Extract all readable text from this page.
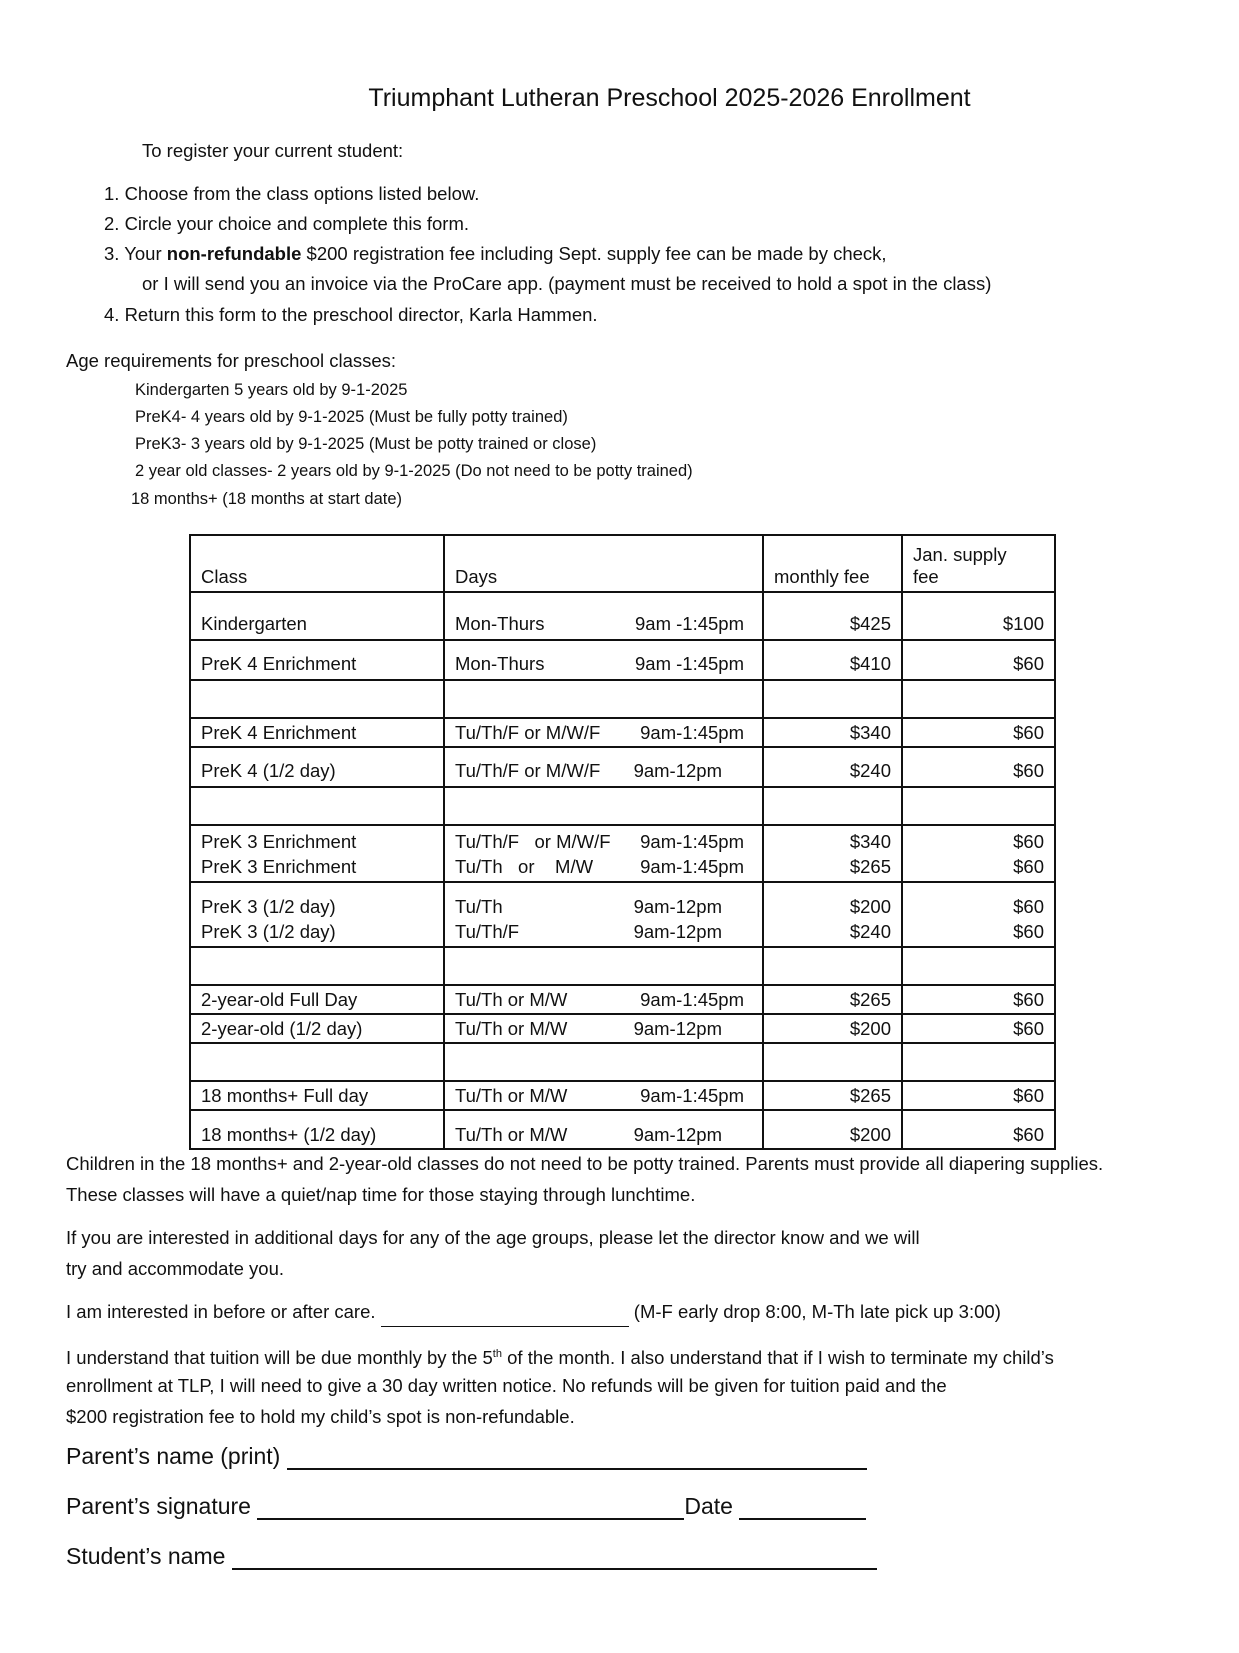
Triumphant Lutheran Preschool 2025-2026 Enrollment
To register your current student:
1. Choose from the class options listed below.
2. Circle your choice and complete this form.
3. Your non-refundable $200 registration fee including Sept. supply fee can be made by check,
or I will send you an invoice via the ProCare app. (payment must be received to hold a spot in the class)
4. Return this form to the preschool director, Karla Hammen.
Age requirements for preschool classes:
Kindergarten 5 years old by 9-1-2025
PreK4- 4 years old by 9-1-2025 (Must be fully potty trained)
PreK3- 3 years old by 9-1-2025 (Must be potty trained or close)
2 year old classes- 2 years old by 9-1-2025 (Do not need to be potty trained)
18 months+ (18 months at start date)
Class	Days	monthly fee	Jan. supply
fee

Kindergarten	Mon-Thurs 9am -1:45pm	$425	$100
PreK 4 Enrichment	Mon-Thurs 9am -1:45pm	$410	$60

PreK 4 Enrichment	Tu/Th/F or M/W/F 9am-1:45pm	$340	$60
PreK 4 (1/2 day)	Tu/Th/F or M/W/F 9am-12pm	$240	$60

PreK 3 Enrichment	Tu/Th/F   or M/W/F 9am-1:45pm	$340	$60
PreK 3 Enrichment	Tu/Th   or    M/W 9am-1:45pm	$265	$60
PreK 3 (1/2 day)	Tu/Th 9am-12pm	$200	$60
PreK 3 (1/2 day)	Tu/Th/F 9am-12pm	$240	$60

2-year-old Full Day	Tu/Th or M/W 9am-1:45pm	$265	$60
2-year-old (1/2 day)	Tu/Th or M/W 9am-12pm	$200	$60

18 months+ Full day	Tu/Th or M/W 9am-1:45pm	$265	$60
18 months+ (1/2 day)	Tu/Th or M/W 9am-12pm	$200	$60
Children in the 18 months+ and 2-year-old classes do not need to be potty trained. Parents must provide all diapering supplies.
These classes will have a quiet/nap time for those staying through lunchtime.
If you are interested in additional days for any of the age groups, please let the director know and we will
try and accommodate you.
I am interested in before or after care.	(M-F early drop 8:00, M-Th late pick up 3:00)
I understand that tuition will be due monthly by the 5th of the month. I also understand that if I wish to terminate my child’s
enrollment at TLP, I will need to give a 30 day written notice. No refunds will be given for tuition paid and the
$200 registration fee to hold my child’s spot is non-refundable.
Parent’s name (print)
Parent’s signature	Date
Student’s name
